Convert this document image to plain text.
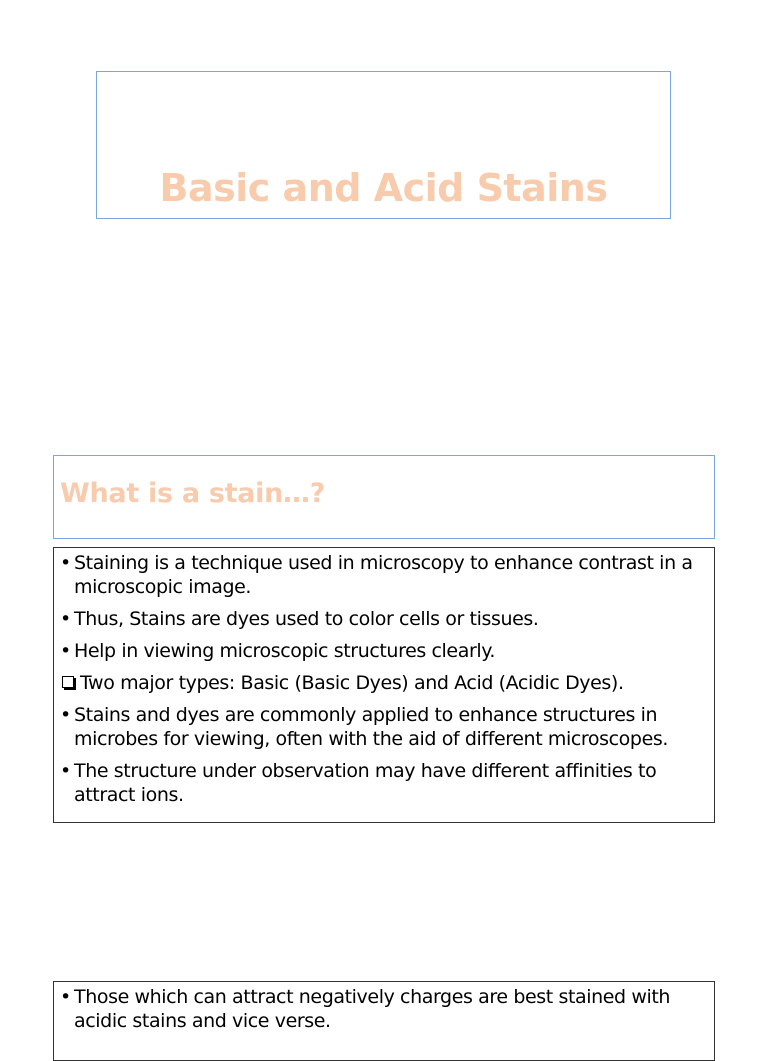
Basic and Acid Stains
What is a stain…?
• Staining is a technique used in microscopy to enhance contrast in a microscopic image.
• Thus, Stains are dyes used to color cells or tissues.
• Help in viewing microscopic structures clearly.
Two major types: Basic (Basic Dyes) and Acid (Acidic Dyes).
• Stains and dyes are commonly applied to enhance structures in microbes for viewing, often with the aid of different microscopes.
• The structure under observation may have different affinities to attract ions.
• Those which can attract negatively charges are best stained with acidic stains and vice verse.
